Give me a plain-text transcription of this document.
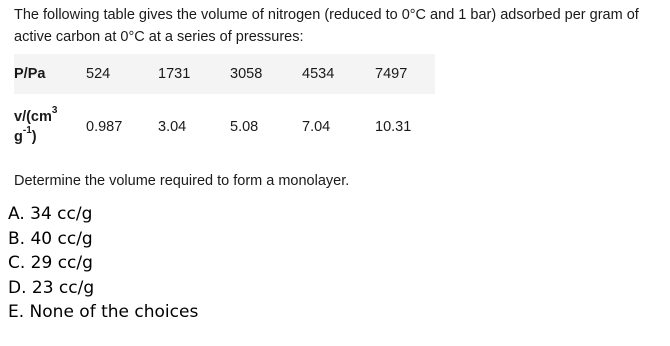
The following table gives the volume of nitrogen (reduced to 0°C and 1 bar) adsorbed per gram of active carbon at 0°C at a series of pressures:

P/Pa	524	1731	3058	4534	7497
$v/(cm^3$
$g^{-1}$)	0.987	3.04	5.08	7.04	10.31

Determine the volume required to form a monolayer.

A. 34 cc/g
B. 40 cc/g
C. 29 cc/g
D. 23 cc/g
E. None of the choices
